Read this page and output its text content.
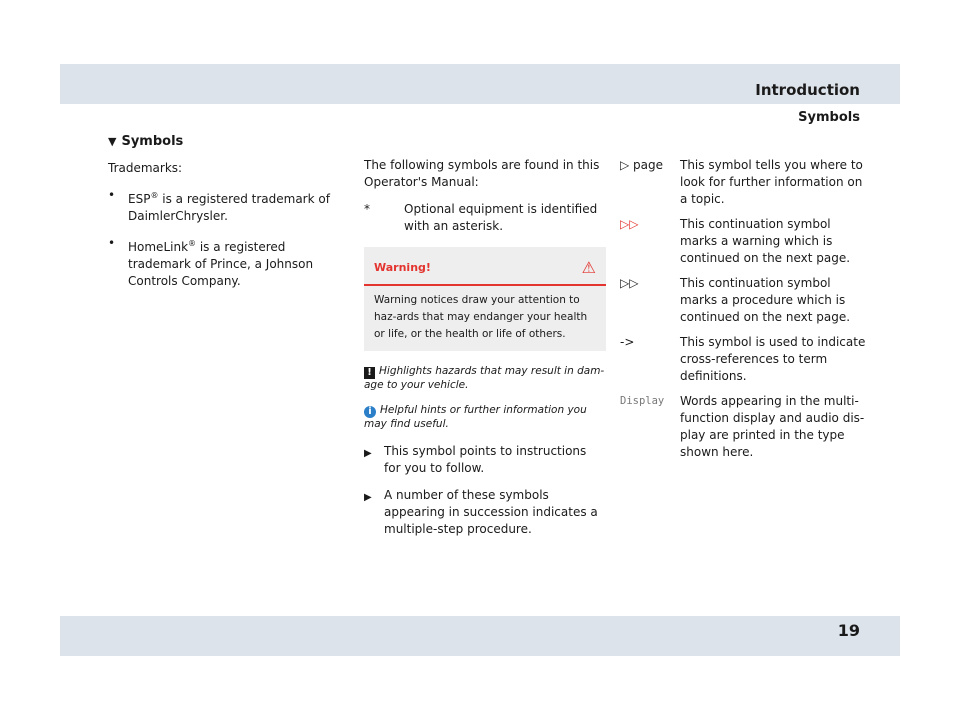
Introduction
Symbols
▼ Symbols

Trademarks:

•	ESP® is a registered trademark of DaimlerChrysler.
•	HomeLink® is a registered trademark of Prince, a Johnson Controls Company.

The following symbols are found in this Operator's Manual:

*	Optional equipment is identified with an asterisk.
Warning!	⚠
Warning notices draw your attention to haz-ards that may endanger your health or life, or the health or life of others.
! Highlights hazards that may result in dam-age to your vehicle.
i Helpful hints or further information you may find useful.
▶	This symbol points to instructions for you to follow.
▶	A number of these symbols appearing in succession indicates a multiple-step procedure.
▷ page	This symbol tells you where to look for further information on a topic.
▷▷	This continuation symbol marks a warning which is continued on the next page.
▷▷	This continuation symbol marks a procedure which is continued on the next page.
->	This symbol is used to indicate cross-references to term definitions.
Display	Words appearing in the multi-function display and audio dis-play are printed in the type shown here.
19
